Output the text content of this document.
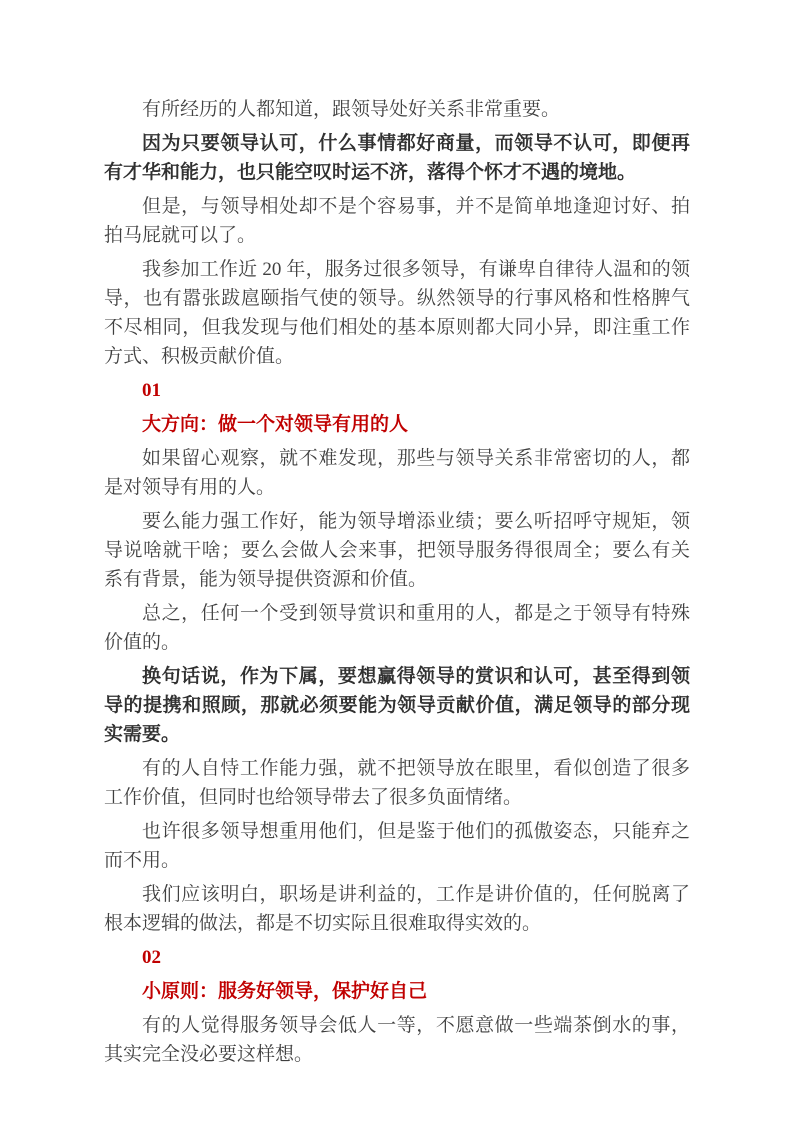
有所经历的人都知道，跟领导处好关系非常重要。

因为只要领导认可，什么事情都好商量，而领导不认可，即便再有才华和能力，也只能空叹时运不济，落得个怀才不遇的境地。

但是，与领导相处却不是个容易事，并不是简单地逢迎讨好、拍拍马屁就可以了。

我参加工作近 20 年，服务过很多领导，有谦卑自律待人温和的领导，也有嚣张跋扈颐指气使的领导。纵然领导的行事风格和性格脾气不尽相同，但我发现与他们相处的基本原则都大同小异，即注重工作方式、积极贡献价值。

01

大方向：做一个对领导有用的人

如果留心观察，就不难发现，那些与领导关系非常密切的人，都是对领导有用的人。

要么能力强工作好，能为领导增添业绩；要么听招呼守规矩，领导说啥就干啥；要么会做人会来事，把领导服务得很周全；要么有关系有背景，能为领导提供资源和价值。

总之，任何一个受到领导赏识和重用的人，都是之于领导有特殊价值的。

换句话说，作为下属，要想赢得领导的赏识和认可，甚至得到领导的提携和照顾，那就必须要能为领导贡献价值，满足领导的部分现实需要。

有的人自恃工作能力强，就不把领导放在眼里，看似创造了很多工作价值，但同时也给领导带去了很多负面情绪。

也许很多领导想重用他们，但是鉴于他们的孤傲姿态，只能弃之而不用。

我们应该明白，职场是讲利益的，工作是讲价值的，任何脱离了根本逻辑的做法，都是不切实际且很难取得实效的。

02

小原则：服务好领导，保护好自己

有的人觉得服务领导会低人一等，不愿意做一些端茶倒水的事，其实完全没必要这样想。
